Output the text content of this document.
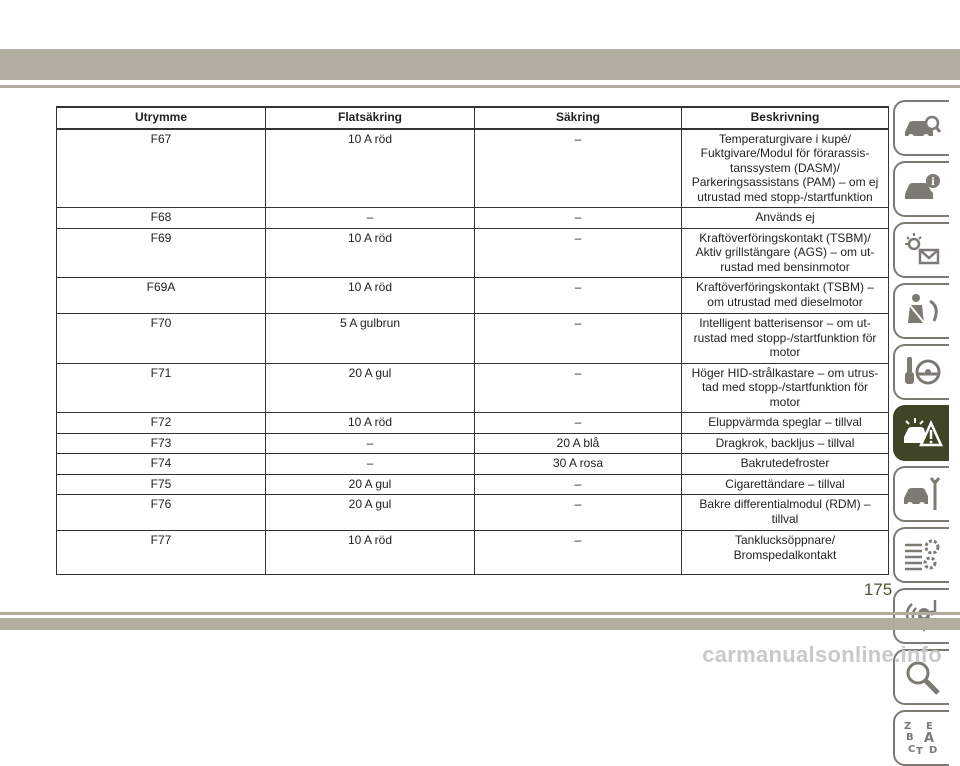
Utrymme	Flatsäkring	Säkring	Beskrivning
F67	10 A röd	–	Temperaturgivare i kupé/
Fuktgivare/Modul för förarassis-
tanssystem (DASM)/
Parkeringsassistans (PAM) – om ej
utrustad med stopp-/startfunktion
F68	–	–	Används ej
F69	10 A röd	–	Kraftöverföringskontakt (TSBM)/
Aktiv grillstängare (AGS) – om ut-
rustad med bensinmotor
F69A	10 A röd	–	Kraftöverföringskontakt (TSBM) –
om utrustad med dieselmotor
F70	5 A gulbrun	–	Intelligent batterisensor – om ut-
rustad med stopp-/startfunktion för
motor
F71	20 A gul	–	Höger HID-strålkastare – om utrus-
tad med stopp-/startfunktion för
motor
F72	10 A röd	–	Eluppvärmda speglar – tillval
F73	–	20 A blå	Dragkrok, backljus – tillval
F74	–	30 A rosa	Bakrutedefroster
F75	20 A gul	–	Cigarettändare – tillval
F76	20 A gul	–	Bakre differentialmodul (RDM) –
tillval
F77	10 A röd	–	Tanklucksöppnare/
Bromspedalkontakt
i
Z E
B A
C T D
175
carmanualsonline.info
